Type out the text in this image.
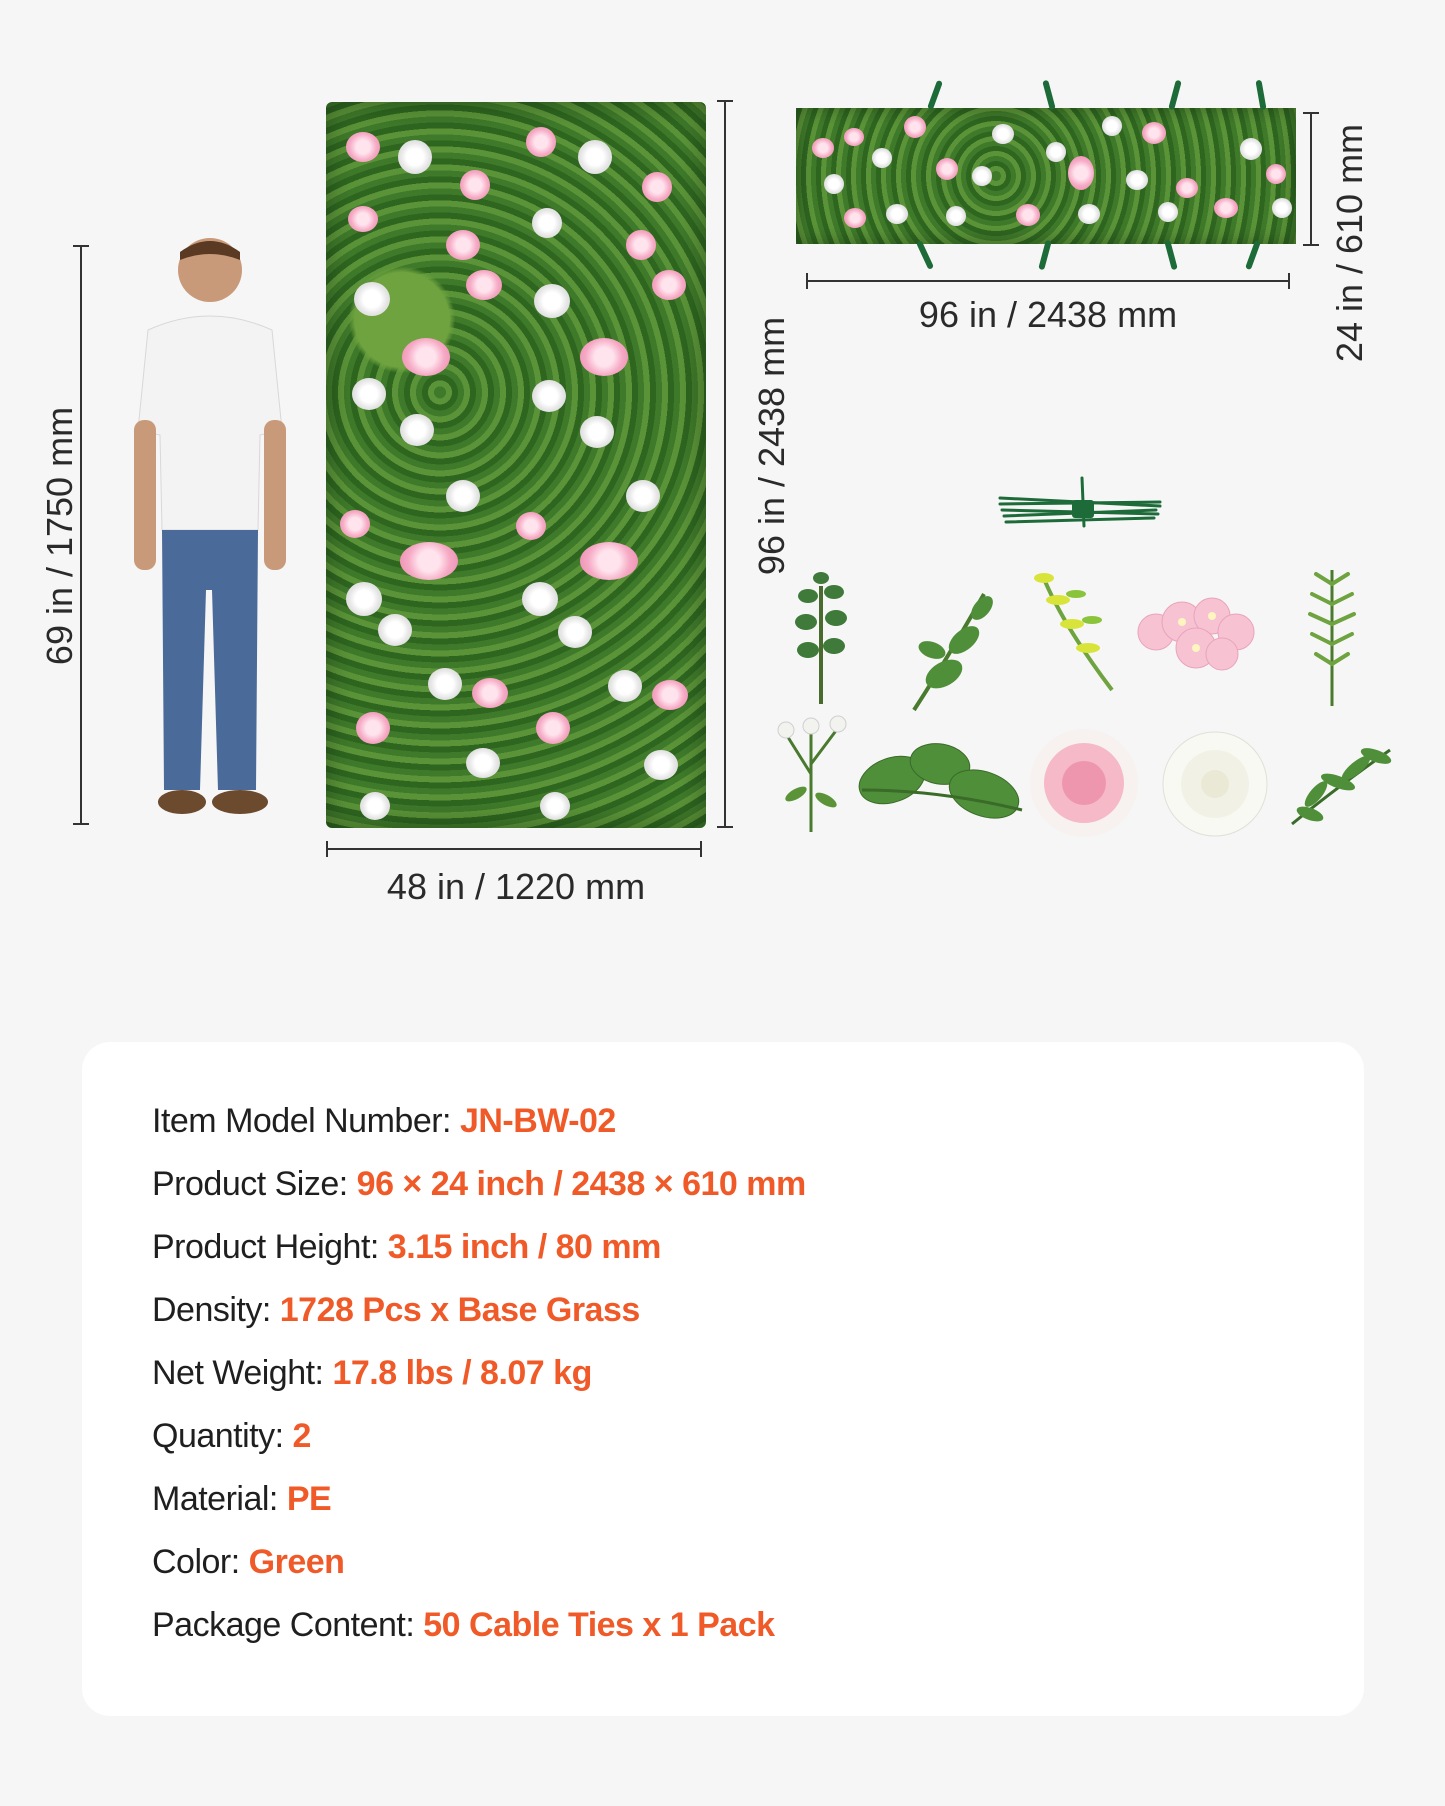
69 in / 1750 mm	96 in / 2438 mm
48 in / 1220 mm
24 in / 610 mm
96 in / 2438 mm
Item Model Number: JN-BW-02
Product Size: 96 × 24 inch / 2438 × 610 mm
Product Height: 3.15 inch / 80 mm
Density: 1728 Pcs x Base Grass
Net Weight: 17.8 lbs / 8.07 kg
Quantity: 2
Material: PE
Color: Green
Package Content: 50 Cable Ties x 1 Pack
